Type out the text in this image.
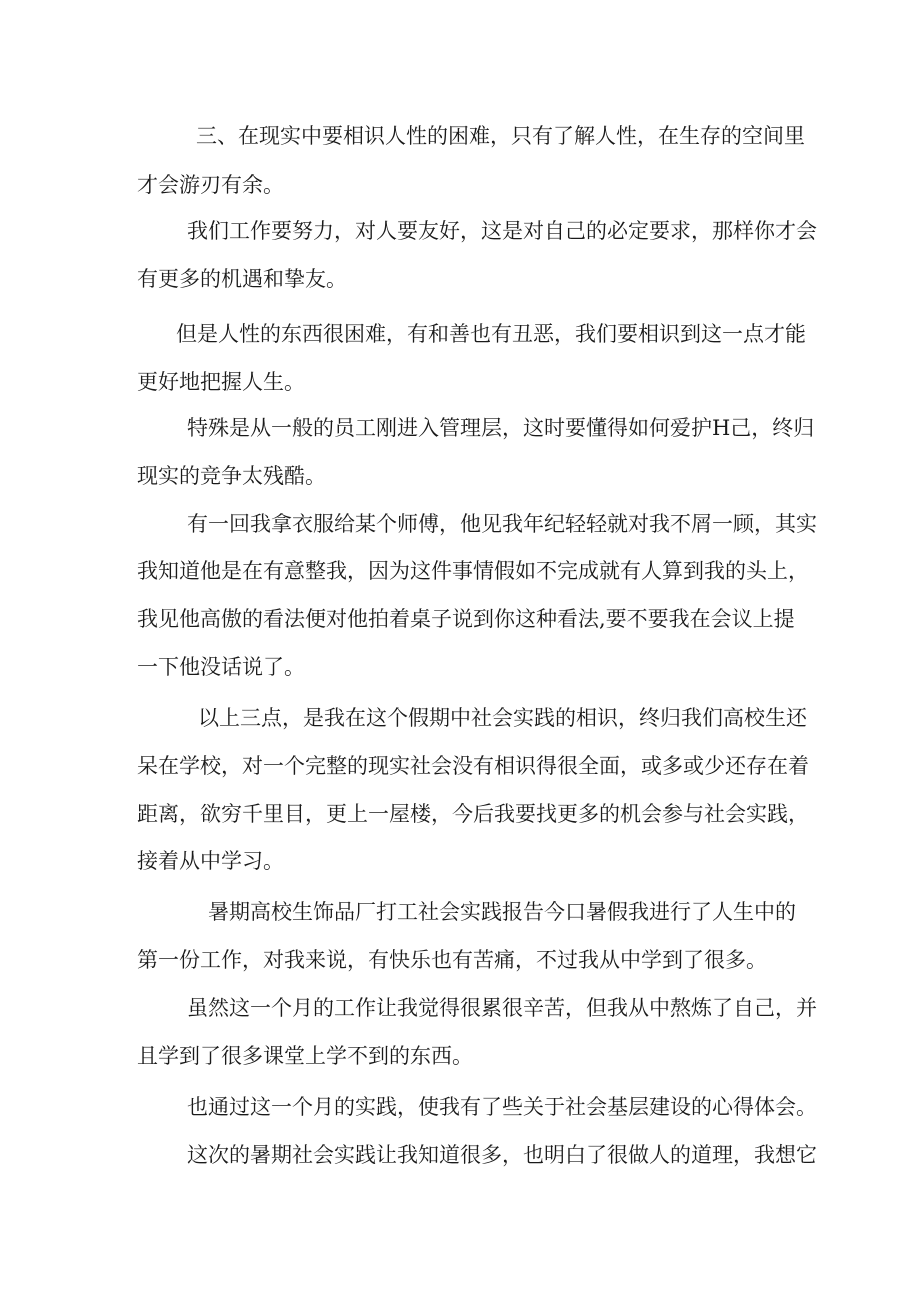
三、在现实中要相识人性的困难，只有了解人性，在生存的空间里
才会游刃有余。
我们工作要努力，对人要友好，这是对自己的必定要求，那样你才会
有更多的机遇和挚友。
但是人性的东西很困难，有和善也有丑恶，我们要相识到这一点才能
更好地把握人生。
特殊是从一般的员工刚进入管理层，这时要懂得如何爱护H己，终归
现实的竞争太残酷。
有一回我拿衣服给某个师傅，他见我年纪轻轻就对我不屑一顾，其实
我知道他是在有意整我，因为这件事情假如不完成就有人算到我的头上，
我见他高傲的看法便对他拍着桌子说到你这种看法,要不要我在会议上提
一下他没话说了。
以上三点，是我在这个假期中社会实践的相识，终归我们高校生还
呆在学校，对一个完整的现实社会没有相识得很全面，或多或少还存在着
距离，欲穷千里目，更上一屋楼，今后我要找更多的机会参与社会实践，
接着从中学习。
暑期高校生饰品厂打工社会实践报告今口暑假我进行了人生中的
第一份工作，对我来说，有快乐也有苦痛，不过我从中学到了很多。
虽然这一个月的工作让我觉得很累很辛苦，但我从中熬炼了自己，并
且学到了很多课堂上学不到的东西。
也通过这一个月的实践，使我有了些关于社会基层建设的心得体会。
这次的暑期社会实践让我知道很多，也明白了很做人的道理，我想它
